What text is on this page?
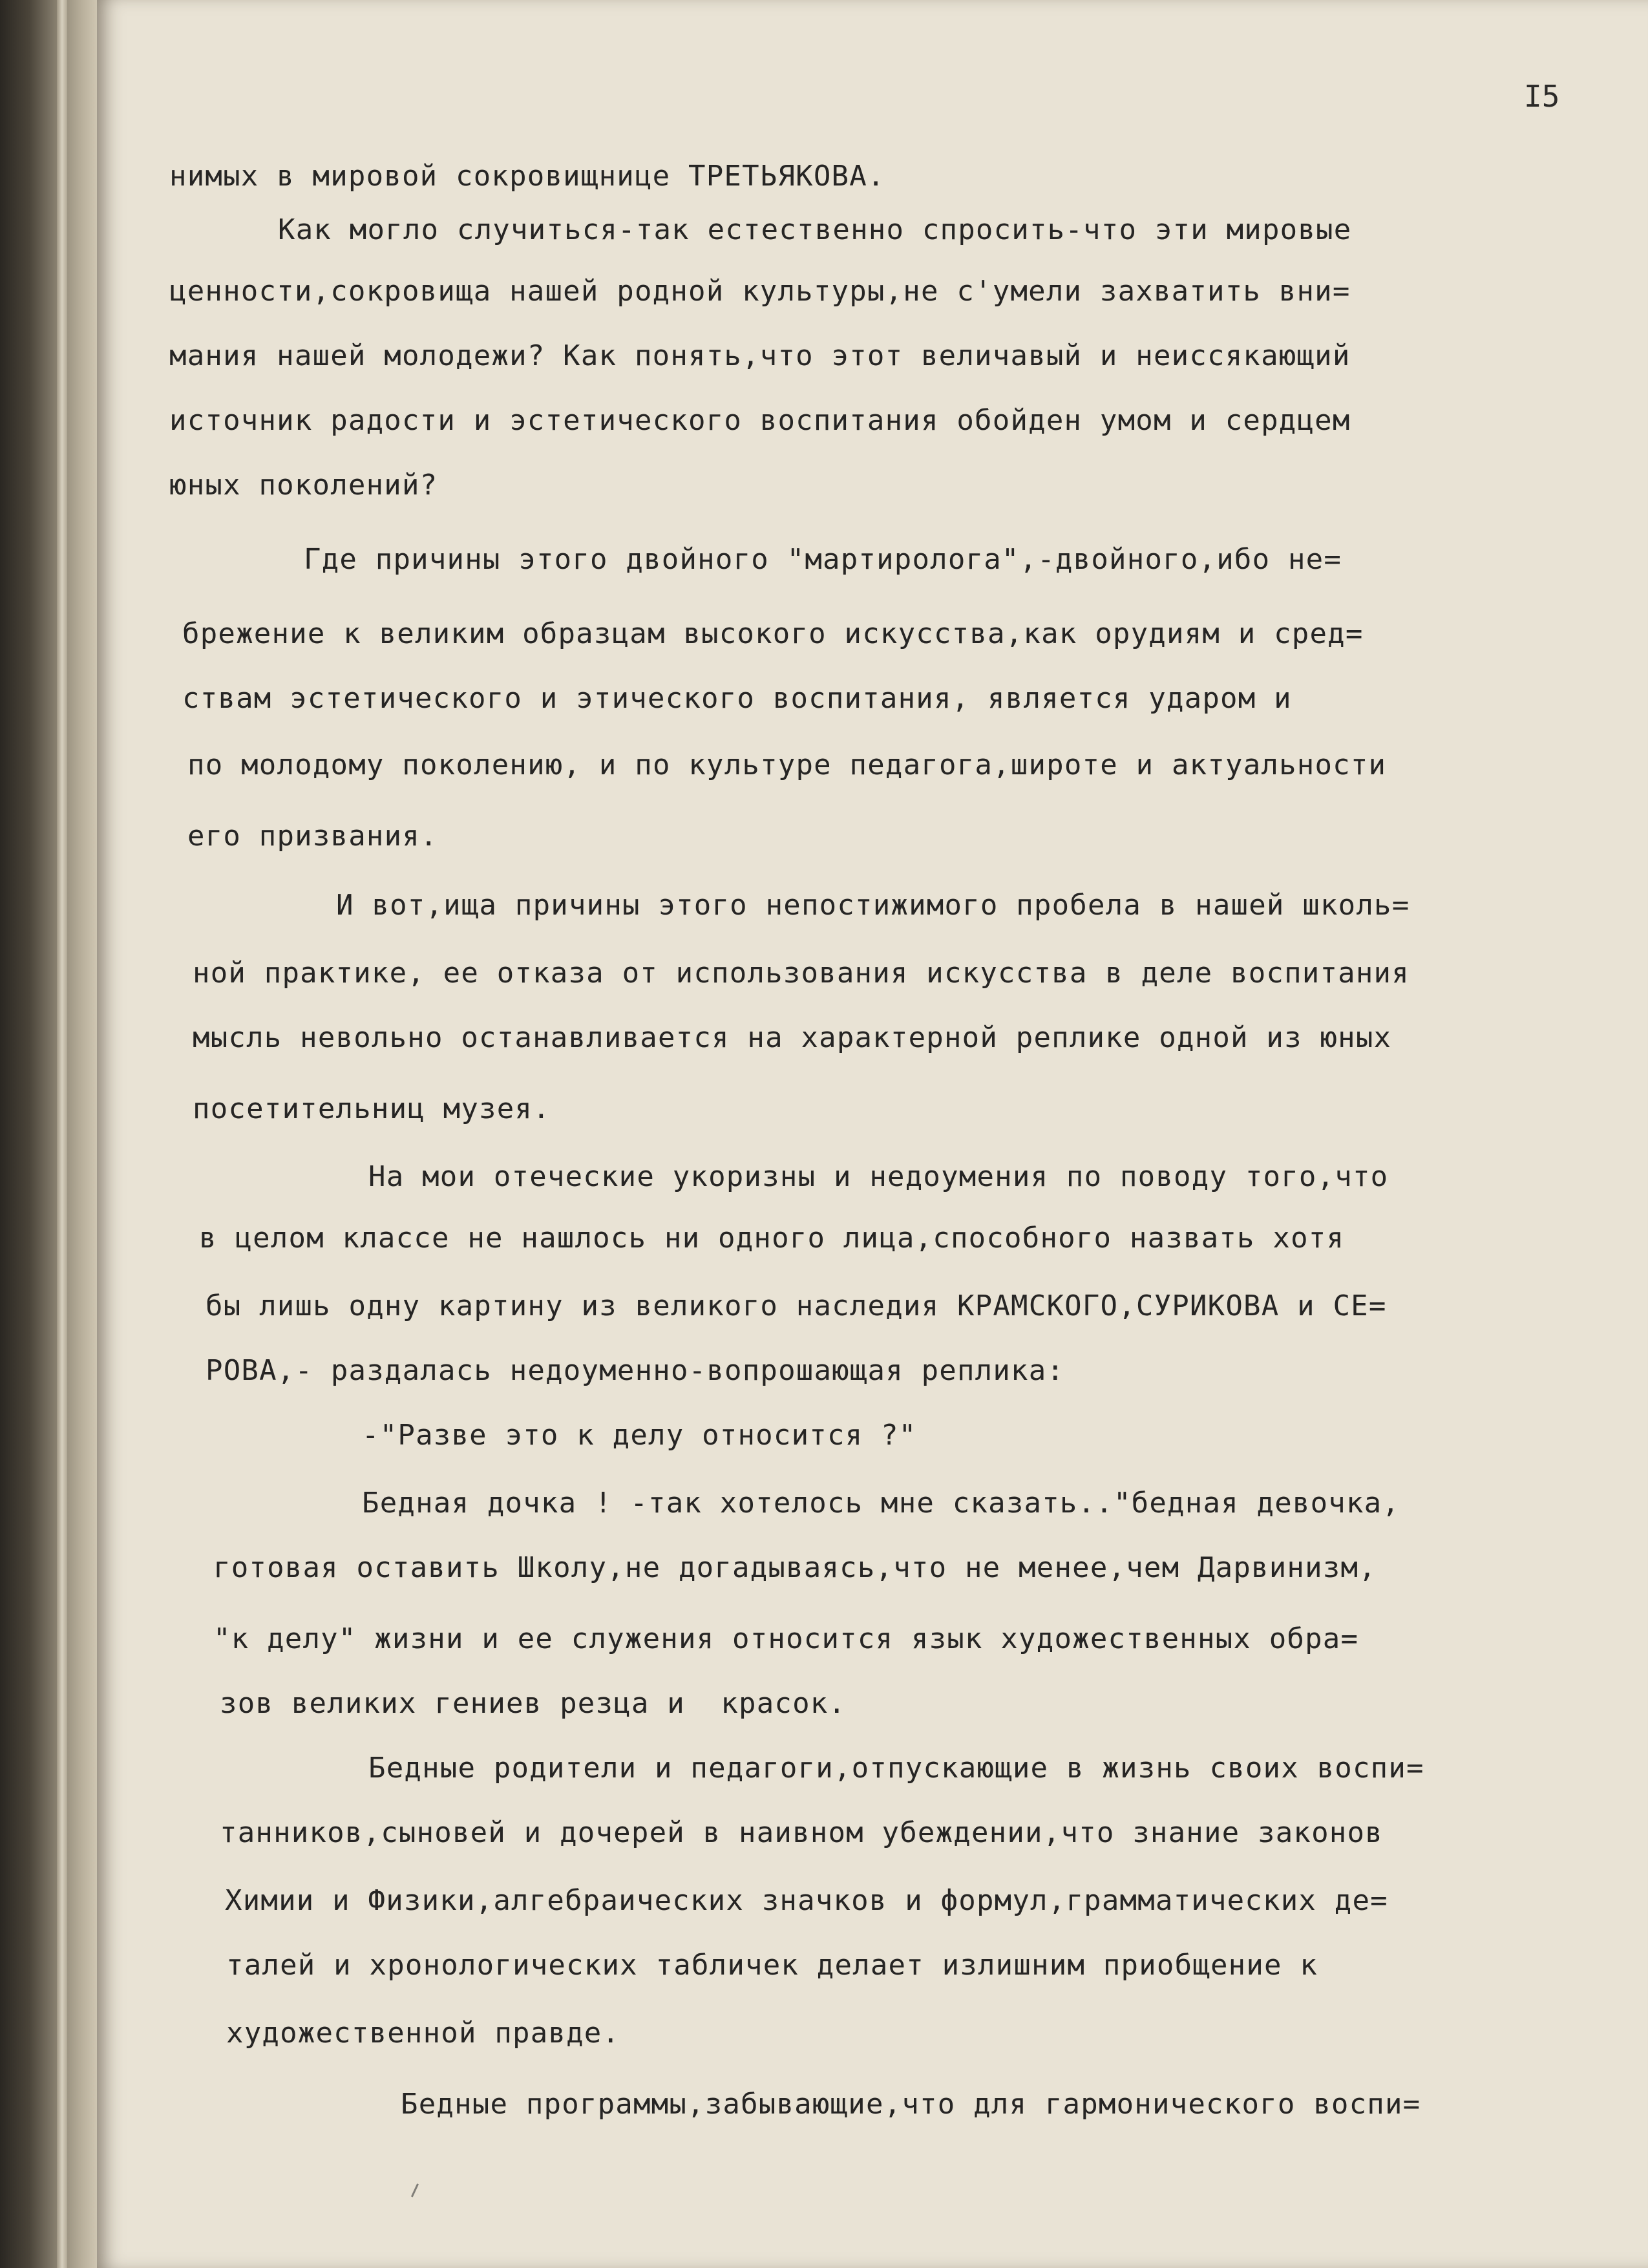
I5
нимых в мировой сокровищнице ТРЕТЬЯКОВА.
Как могло случиться-так естественно спросить-что эти мировые
ценности,сокровища нашей родной культуры,не с'умели захватить вни=
мания нашей молодежи? Как понять,что этот величавый и неиссякающий
источник радости и эстетического воспитания обойден умом и сердцем
юных поколений?
Где причины этого двойного "мартиролога",-двойного,ибо не=
брежение к великим образцам высокого искусства,как орудиям и сред=
ствам эстетического и этического воспитания, является ударом и
по молодому поколению, и по культуре педагога,широте и актуальности
его призвания.
И вот,ища причины этого непостижимого пробела в нашей школь=
ной практике, ее отказа от использования искусства в деле воспитания
мысль невольно останавливается на характерной реплике одной из юных
посетительниц музея.
На мои отеческие укоризны и недоумения по поводу того,что
в целом классе не нашлось ни одного лица,способного назвать хотя
бы лишь одну картину из великого наследия КРАМСКОГО,СУРИКОВА и СЕ=
РОВА,- раздалась недоуменно-вопрошающая реплика:
-"Разве это к делу относится ?"
Бедная дочка ! -так хотелось мне сказать.."бедная девочка,
готовая оставить Школу,не догадываясь,что не менее,чем Дарвинизм,
"к делу" жизни и ее служения относится язык художественных обра=
зов великих гениев резца и  красок.
Бедные родители и педагоги,отпускающие в жизнь своих воспи=
танников,сыновей и дочерей в наивном убеждении,что знание законов
Химии и Физики,алгебраических значков и формул,грамматических де=
талей и хронологических табличек делает излишним приобщение к
художественной правде.
Бедные программы,забывающие,что для гармонического воспи=
